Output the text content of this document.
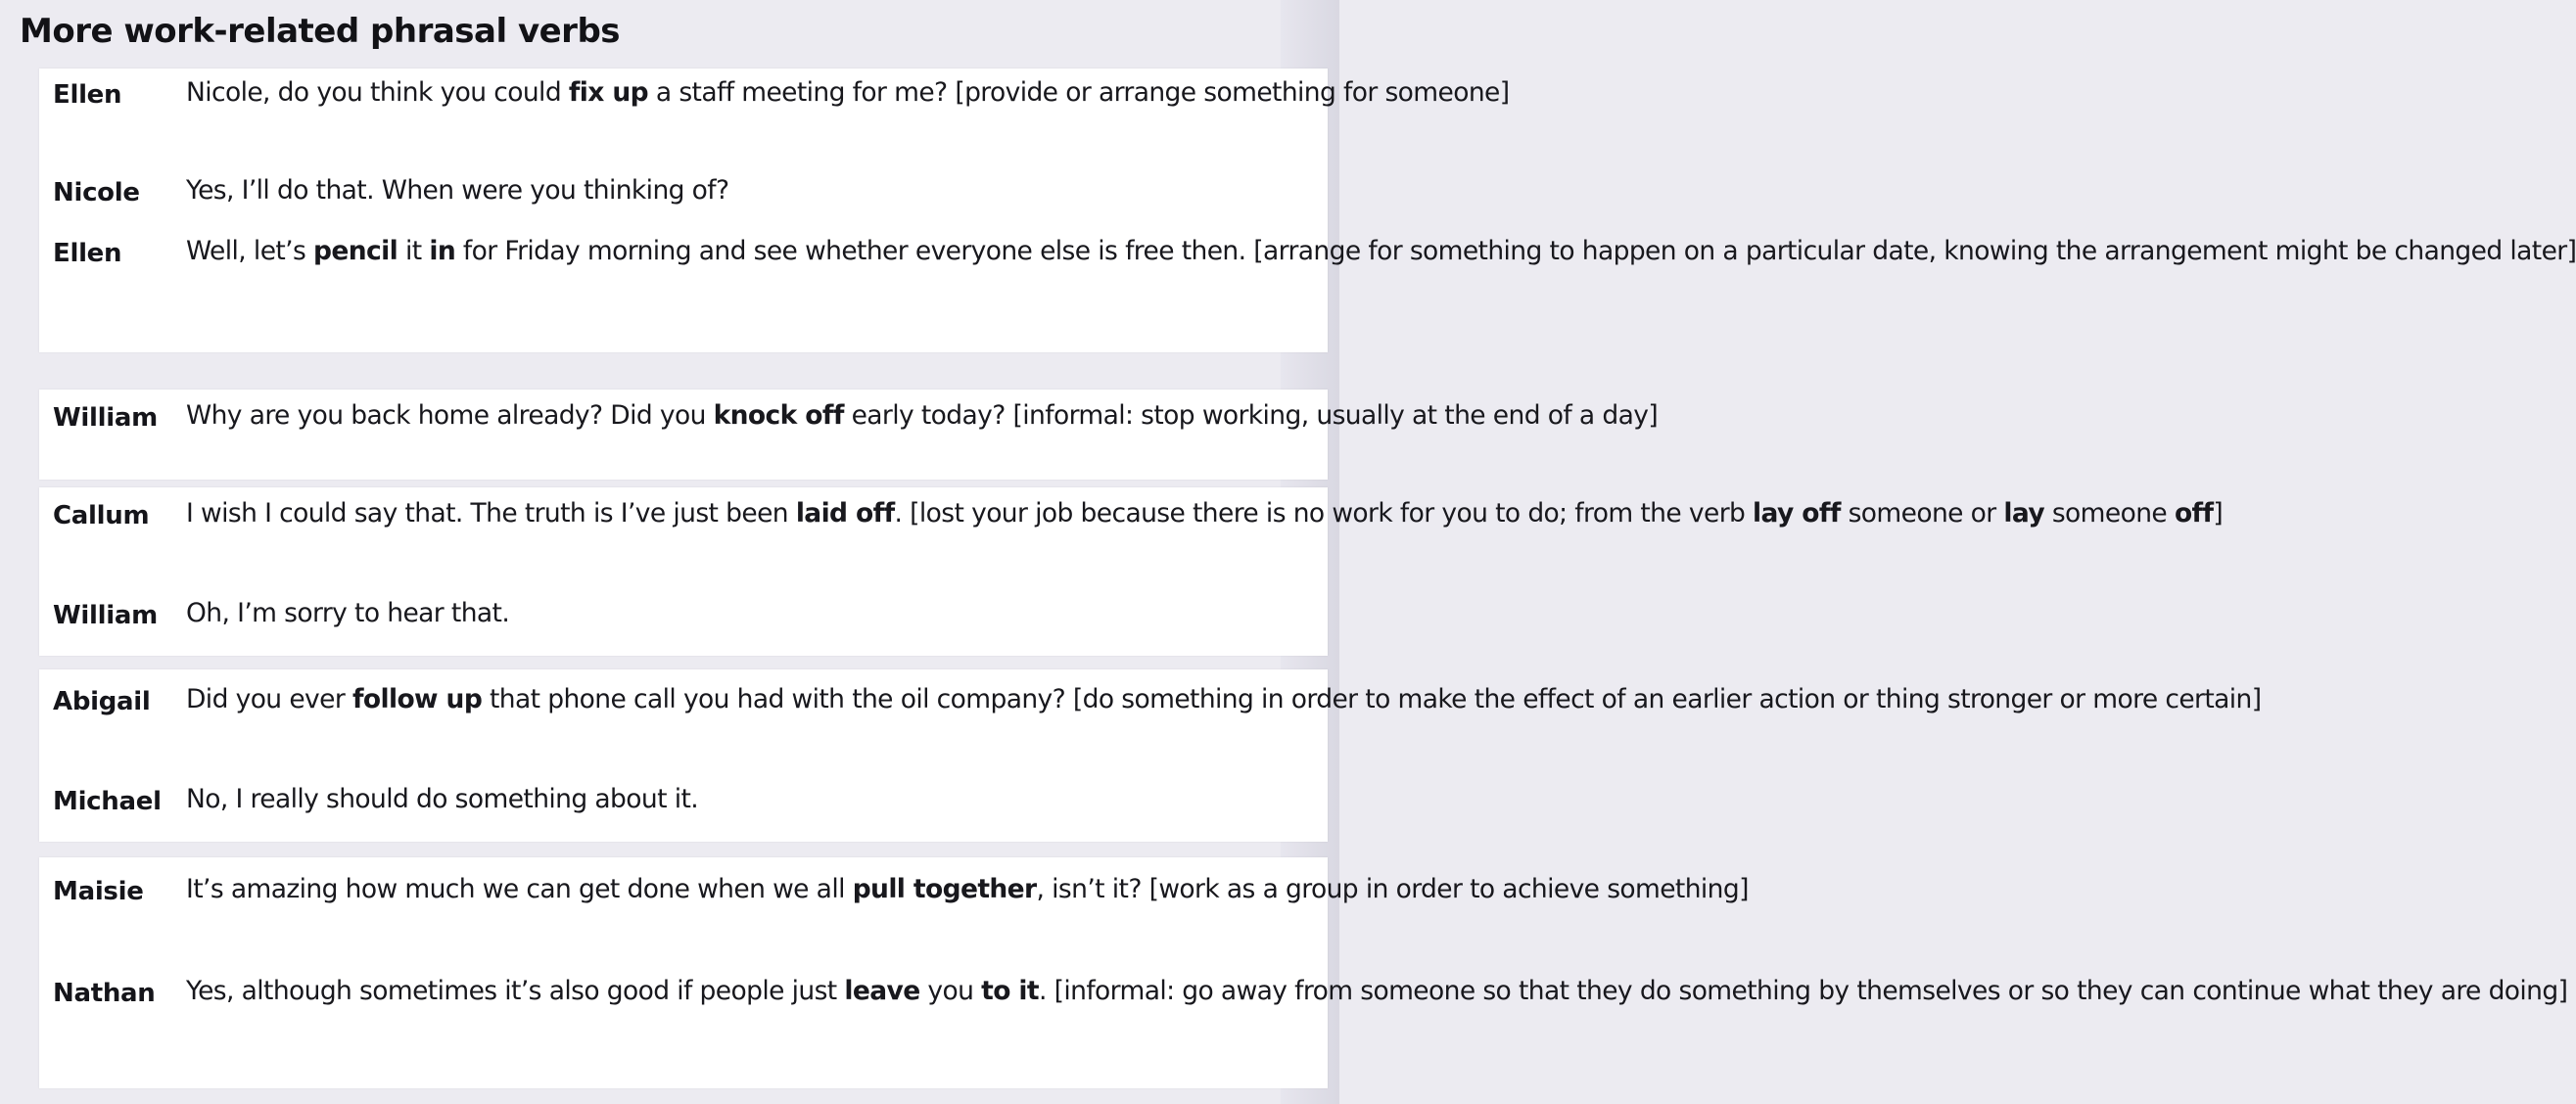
More work-related phrasal verbs
Ellen Nicole, do you think you could fix up a staff meeting for me? [provide or arrange something for someone]
Nicole Yes, I’ll do that. When were you thinking of?
Ellen Well, let’s pencil it in for Friday morning and see whether everyone else is free then. [arrange for something to happen on a particular date, knowing the arrangement might be changed later]
William Why are you back home already? Did you knock off early today? [informal: stop working, usually at the end of a day]
Callum I wish I could say that. The truth is I’ve just been laid off. [lost your job because there is no work for you to do; from the verb lay off someone or lay someone off]
William Oh, I’m sorry to hear that.
Abigail Did you ever follow up that phone call you had with the oil company? [do something in order to make the effect of an earlier action or thing stronger or more certain]
Michael No, I really should do something about it.
Maisie It’s amazing how much we can get done when we all pull together, isn’t it? [work as a group in order to achieve something]
Nathan Yes, although sometimes it’s also good if people just leave you to it. [informal: go away from someone so that they do something by themselves or so they can continue what they are doing]
